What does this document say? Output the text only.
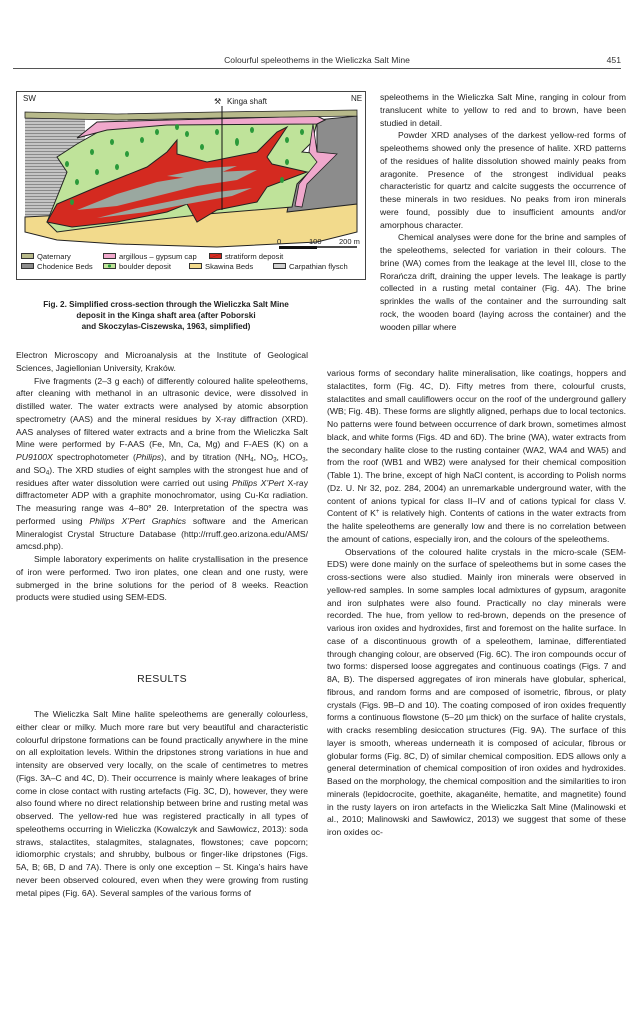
Colourful speleothems in the Wieliczka Salt Mine	451
SW	NE
⚒ Kinga shaft
0	100 200 m
Qaternary	argillous – gypsum cap	stratiform deposit
Chodenice Beds	boulder deposit	Skawina Beds	Carpathian flysch
Fig. 2. Simplified cross-section through the Wieliczka Salt Mine
deposit in the Kinga shaft area (after Poborski
and Skoczylas-Ciszewska, 1963, simplified)

Electron Microscopy and Microanalysis at the Institute of Geological Sciences, Jagiellonian University, Kraków.

Five fragments (2–3 g each) of differently coloured halite speleothems, after cleaning with methanol in an ultrasonic device, were dissolved in distilled water. The water extracts were analysed by atomic absorption spectrometry (AAS) and the mineral residues by X-ray diffraction (XRD). AAS analyses of filtered water extracts and a brine from the Wieliczka Salt Mine were performed by F-AAS (Fe, Mn, Ca, Mg) and F-AES (K) on a PU9100X spectrophotometer (Philips), and by titration ($NH_4$, $NO_3$, $HCO_3$, and $SO_4$). The XRD studies of eight samples with the strongest hue and of residues after water dissolution were carried out using Philips X’Pert X-ray diffractometer ADP with a graphite monochromator, using Cu-Kα radiation. The measuring range was 4–80° 2θ. Interpretation of the spectra was performed using Philips X’Pert Graphics software and the American Mineralogist Crystal Structure Database (http://rruff.geo.arizona.edu/AMS/ amcsd.php).

Simple laboratory experiments on halite crystallisation in the presence of iron were performed. Two iron plates, one clean and one rusty, were submerged in the brine solutions for the period of 8 weeks. Reaction products were studied using SEM-EDS.

RESULTS

The Wieliczka Salt Mine halite speleothems are generally colourless, either clear or milky. Much more rare but very beautiful and characteristic colourful dripstone formations can be found practically anywhere in the mine on all exploitation levels. Within the dripstones strong variations in hue and intensity are observed very locally, on the scale of centimetres to metres (Figs. 3A–C and 4C, D). Their occurrence is mainly where leakages of brine come in close contact with rusting artefacts (Fig. 3C, D), however, they were also found where no direct relationship between brine and rusting metal was observed. The yellow-red hue was registered practically in all types of speleothems occurring in Wieliczka (Kowalczyk and Sawłowicz, 2013): soda straws, stalactites, stalagmites, stalagnates, flowstones; cave popcorn; idiomorphic crystals; and shrubby, bulbous or finger-like dripstones (Figs. 5A, B; 6B, D and 7A). There is only one exception – St. Kinga’s hairs have never been observed coloured, even when they were growing from rusting metal pipes (Fig. 6A). Several samples of the various forms of

speleothems in the Wieliczka Salt Mine, ranging in colour from translucent white to yellow to red and to brown, have been studied in detail.

Powder XRD analyses of the darkest yellow-red forms of speleothems showed only the presence of halite. XRD patterns of the residues of halite dissolution showed mainly peaks from aragonite. Presence of the strongest individual peaks characteristic for quartz and calcite suggests the occurrence of these minerals in two residues. No peaks from iron minerals were found, possibly due to insufficient amounts and/or amorphous character.

Chemical analyses were done for the brine and samples of the speleothems, selected for variation in their colours. The brine (WA) comes from the leakage at the level III, close to the Rorańcza drift, draining the upper levels. The leakage is partly collected in a rusting metal container (Fig. 4A). The brine sprinkles the walls of the container and the surrounding salt rock, the wooden board (laying across the container) and the wooden pillar where

various forms of secondary halite mineralisation, like coatings, hoppers and stalactites, form (Fig. 4C, D). Fifty metres from there, colourful crusts, stalactites and small cauliflowers occur on the roof of the underground gallery (WB; Fig. 4B). These forms are slightly aligned, perhaps due to local tectonics. No patterns were found between occurrence of dark brown, sometimes almost black, and white forms (Figs. 4D and 6D). The brine (WA), water extracts from the secondary halite close to the rusting container (WA2, WA4 and WA5) and from the roof (WB1 and WB2) were analysed for their chemical composition (Table 1). The brine, except of high NaCl content, is according to Polish norms (Dz. U. Nr 32, poz. 284, 2004) an unremarkable underground water, with the content of anions typical for class II–IV and of cations typical for class V. Content of K+ is relatively high. Contents of cations in the water extracts from the halite speleothems are generally low and there is no correlation between the amount of cations, especially iron, and the colours of the speleothems.

Observations of the coloured halite crystals in the micro-scale (SEM-EDS) were done mainly on the surface of speleothems but in some cases the cross-sections were also studied. Mainly iron minerals were observed in yellow-red samples. In some samples local admixtures of gypsum, aragonite and iron sulphates were also found. Practically no clay minerals were recorded. The hue, from yellow to red-brown, depends on the presence of various iron oxides and hydroxides, first and foremost on the halite surface. In case of a discontinuous growth of a speleothem, laminae, differentiated through changing colour, are observed (Fig. 6C). The iron compounds occur of two forms: dispersed loose aggregates and continuous coatings (Figs. 7 and 8A, B). The dispersed aggregates of iron minerals have globular, spherical, fibrous, and random forms and are composed of isometric, fibrous, or platy crystals (Figs. 9B–D and 10). The coating composed of iron oxides frequently forms a continuous flowstone (5–20 µm thick) on the surface of halite crystals, with cracks resembling desiccation structures (Fig. 9A). The surface of this layer is smooth, whereas underneath it is composed of acicular, fibrous or globular forms (Fig. 8C, D) of similar chemical composition. EDS allows only a general determination of chemical composition of iron oxides and hydroxides. Based on the morphology, the chemical composition and the similarities to iron minerals (lepidocrocite, goethite, akaganéite, hematite, and magnetite) found in the rusty layers on iron artefacts in the Wieliczka Salt Mine (Malinowski et al., 2010; Malinowski and Sawłowicz, 2013) we suggest that some of these iron oxides oc-
